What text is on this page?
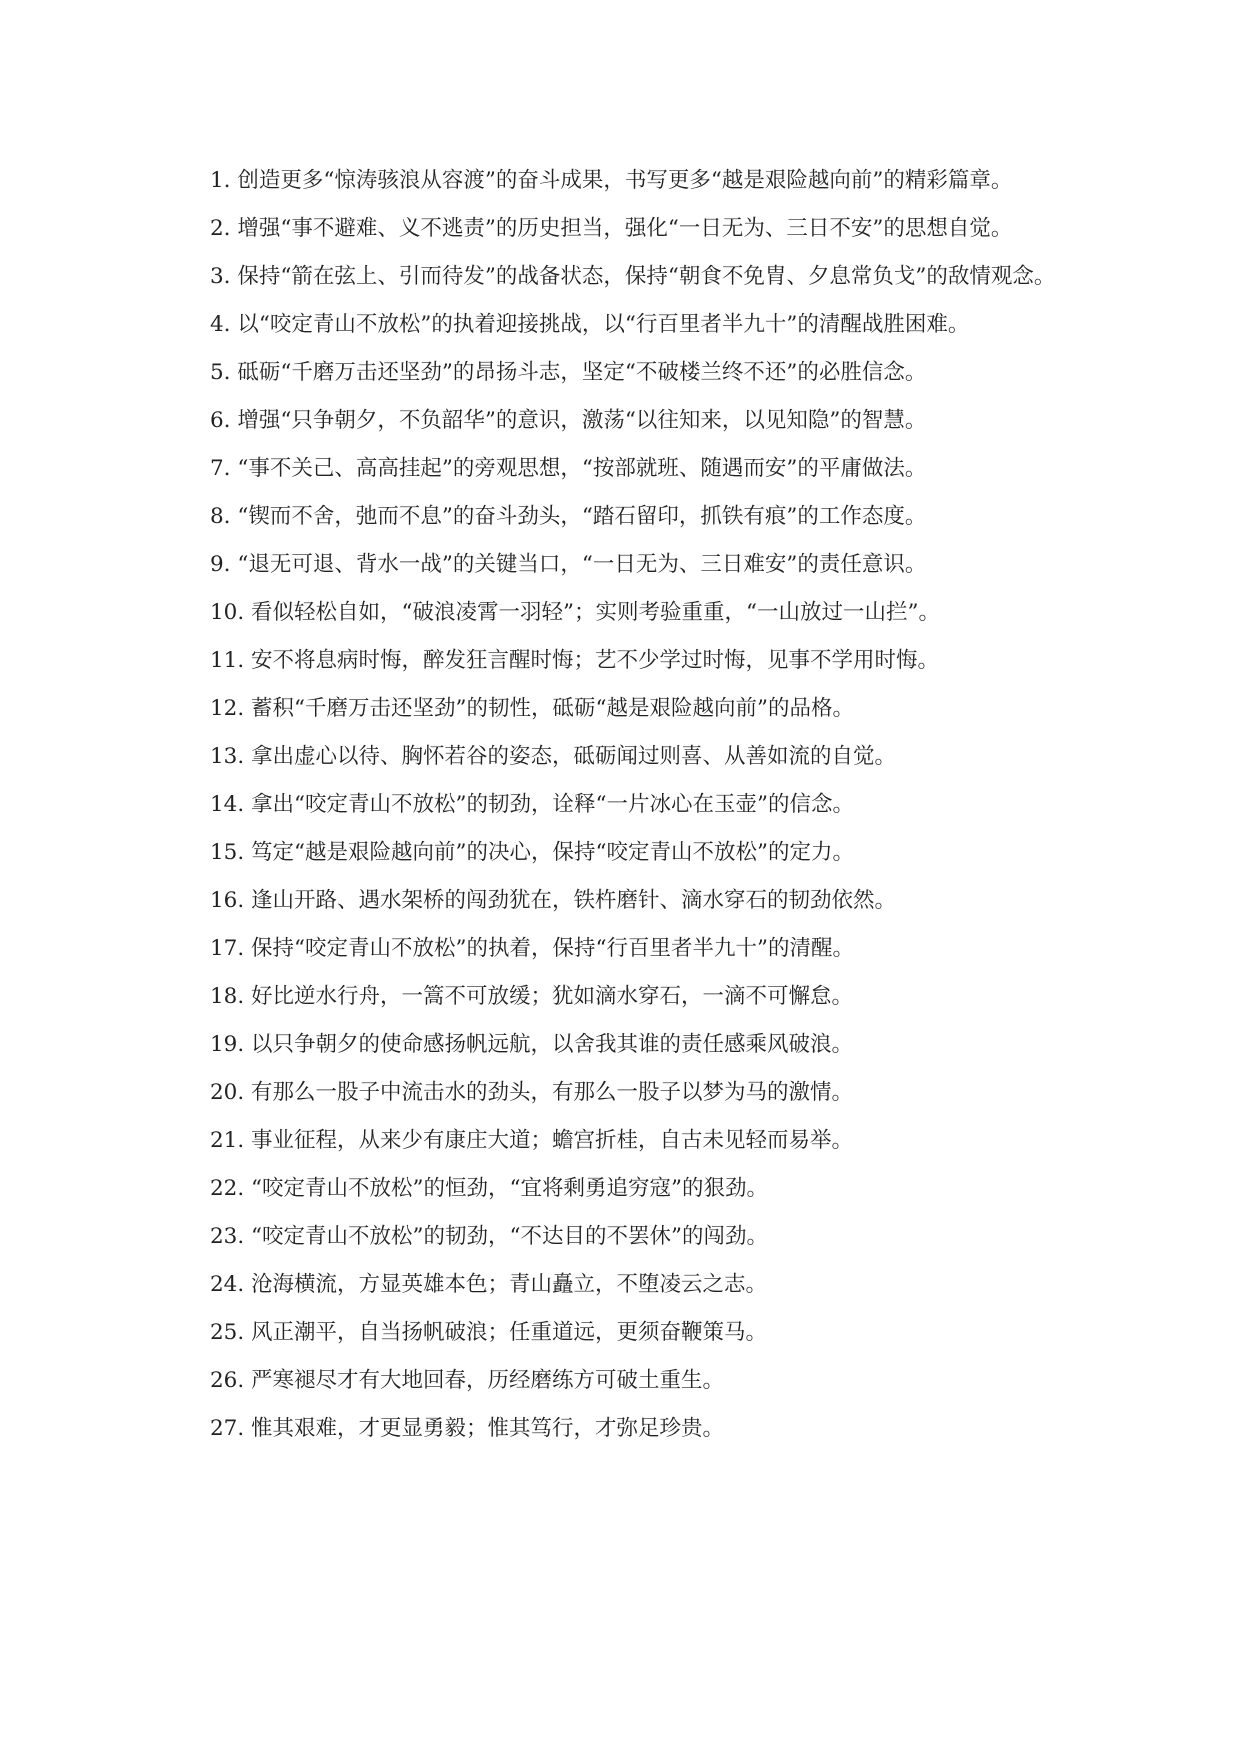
1. 创造更多“惊涛骇浪从容渡”的奋斗成果，书写更多“越是艰险越向前”的精彩篇章。

2. 增强“事不避难、义不逃责”的历史担当，强化“一日无为、三日不安”的思想自觉。

3. 保持“箭在弦上、引而待发”的战备状态，保持“朝食不免胄、夕息常负戈”的敌情观念。

4. 以“咬定青山不放松”的执着迎接挑战，以“行百里者半九十”的清醒战胜困难。

5. 砥砺“千磨万击还坚劲”的昂扬斗志，坚定“不破楼兰终不还”的必胜信念。

6. 增强“只争朝夕，不负韶华”的意识，激荡“以往知来，以见知隐”的智慧。

7. “事不关己、高高挂起”的旁观思想，“按部就班、随遇而安”的平庸做法。

8. “锲而不舍，弛而不息”的奋斗劲头，“踏石留印，抓铁有痕”的工作态度。

9. “退无可退、背水一战”的关键当口，“一日无为、三日难安”的责任意识。

10. 看似轻松自如，“破浪凌霄一羽轻”；实则考验重重，“一山放过一山拦”。

11. 安不将息病时悔，醉发狂言醒时悔；艺不少学过时悔，见事不学用时悔。

12. 蓄积“千磨万击还坚劲”的韧性，砥砺“越是艰险越向前”的品格。

13. 拿出虚心以待、胸怀若谷的姿态，砥砺闻过则喜、从善如流的自觉。

14. 拿出“咬定青山不放松”的韧劲，诠释“一片冰心在玉壶”的信念。

15. 笃定“越是艰险越向前”的决心，保持“咬定青山不放松”的定力。

16. 逢山开路、遇水架桥的闯劲犹在，铁杵磨针、滴水穿石的韧劲依然。

17. 保持“咬定青山不放松”的执着，保持“行百里者半九十”的清醒。

18. 好比逆水行舟，一篙不可放缓；犹如滴水穿石，一滴不可懈怠。

19. 以只争朝夕的使命感扬帆远航，以舍我其谁的责任感乘风破浪。

20. 有那么一股子中流击水的劲头，有那么一股子以梦为马的激情。

21. 事业征程，从来少有康庄大道；蟾宫折桂，自古未见轻而易举。

22. “咬定青山不放松”的恒劲，“宜将剩勇追穷寇”的狠劲。

23. “咬定青山不放松”的韧劲，“不达目的不罢休”的闯劲。

24. 沧海横流，方显英雄本色；青山矗立，不堕凌云之志。

25. 风正潮平，自当扬帆破浪；任重道远，更须奋鞭策马。

26. 严寒褪尽才有大地回春，历经磨练方可破土重生。

27. 惟其艰难，才更显勇毅；惟其笃行，才弥足珍贵。
